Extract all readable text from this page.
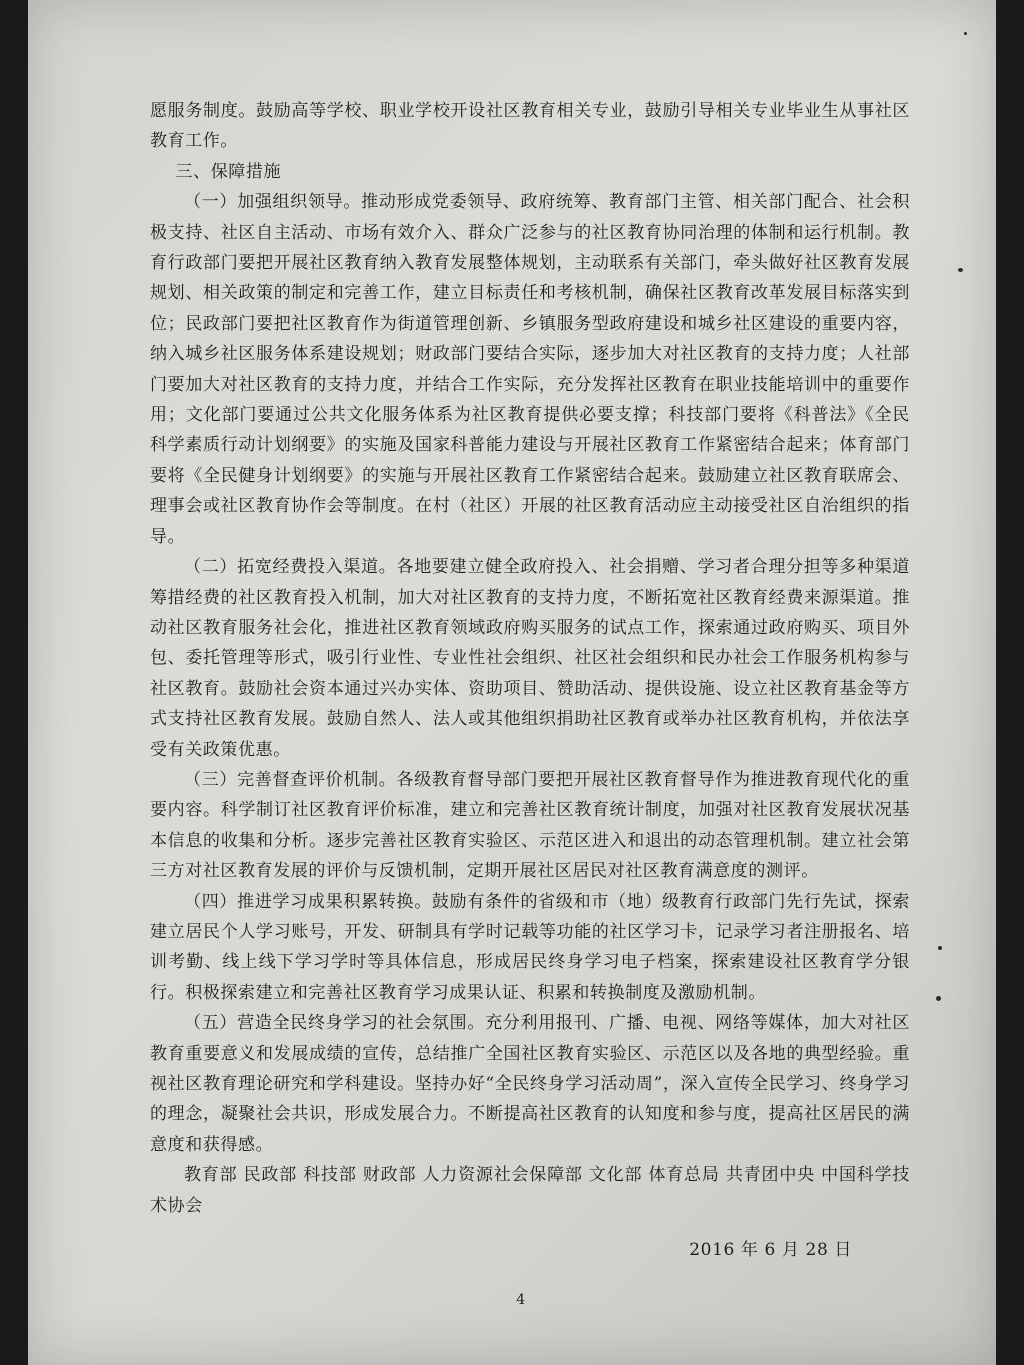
愿服务制度。鼓励高等学校、职业学校开设社区教育相关专业，鼓励引导相关专业毕业生从事社区教育工作。

三、保障措施

（一）加强组织领导。推动形成党委领导、政府统筹、教育部门主管、相关部门配合、社会积极支持、社区自主活动、市场有效介入、群众广泛参与的社区教育协同治理的体制和运行机制。教育行政部门要把开展社区教育纳入教育发展整体规划，主动联系有关部门，牵头做好社区教育发展规划、相关政策的制定和完善工作，建立目标责任和考核机制，确保社区教育改革发展目标落实到位；民政部门要把社区教育作为街道管理创新、乡镇服务型政府建设和城乡社区建设的重要内容，纳入城乡社区服务体系建设规划；财政部门要结合实际，逐步加大对社区教育的支持力度；人社部门要加大对社区教育的支持力度，并结合工作实际，充分发挥社区教育在职业技能培训中的重要作用；文化部门要通过公共文化服务体系为社区教育提供必要支撑；科技部门要将《科普法》《全民科学素质行动计划纲要》的实施及国家科普能力建设与开展社区教育工作紧密结合起来；体育部门要将《全民健身计划纲要》的实施与开展社区教育工作紧密结合起来。鼓励建立社区教育联席会、理事会或社区教育协作会等制度。在村（社区）开展的社区教育活动应主动接受社区自治组织的指导。

（二）拓宽经费投入渠道。各地要建立健全政府投入、社会捐赠、学习者合理分担等多种渠道筹措经费的社区教育投入机制，加大对社区教育的支持力度，不断拓宽社区教育经费来源渠道。推动社区教育服务社会化，推进社区教育领域政府购买服务的试点工作，探索通过政府购买、项目外包、委托管理等形式，吸引行业性、专业性社会组织、社区社会组织和民办社会工作服务机构参与社区教育。鼓励社会资本通过兴办实体、资助项目、赞助活动、提供设施、设立社区教育基金等方式支持社区教育发展。鼓励自然人、法人或其他组织捐助社区教育或举办社区教育机构，并依法享受有关政策优惠。

（三）完善督查评价机制。各级教育督导部门要把开展社区教育督导作为推进教育现代化的重要内容。科学制订社区教育评价标准，建立和完善社区教育统计制度，加强对社区教育发展状况基本信息的收集和分析。逐步完善社区教育实验区、示范区进入和退出的动态管理机制。建立社会第三方对社区教育发展的评价与反馈机制，定期开展社区居民对社区教育满意度的测评。

（四）推进学习成果积累转换。鼓励有条件的省级和市（地）级教育行政部门先行先试，探索建立居民个人学习账号，开发、研制具有学时记载等功能的社区学习卡，记录学习者注册报名、培训考勤、线上线下学习学时等具体信息，形成居民终身学习电子档案，探索建设社区教育学分银行。积极探索建立和完善社区教育学习成果认证、积累和转换制度及激励机制。

（五）营造全民终身学习的社会氛围。充分利用报刊、广播、电视、网络等媒体，加大对社区教育重要意义和发展成绩的宣传，总结推广全国社区教育实验区、示范区以及各地的典型经验。重视社区教育理论研究和学科建设。坚持办好“全民终身学习活动周”，深入宣传全民学习、终身学习的理念，凝聚社会共识，形成发展合力。不断提高社区教育的认知度和参与度，提高社区居民的满意度和获得感。

教育部 民政部 科技部 财政部 人力资源社会保障部 文化部 体育总局 共青团中央 中国科学技术协会

2016 年 6 月 28 日

4
